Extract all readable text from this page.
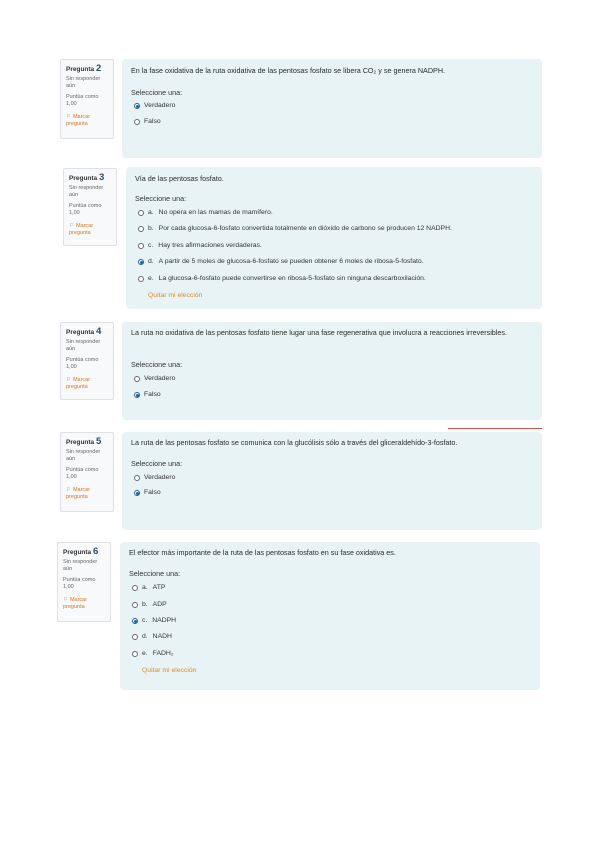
Pregunta 2
Sin responder aún
Puntúa como 1,00
⚐ Marcar pregunta
En la fase oxidativa de la ruta oxidativa de las pentosas fosfato se libera CO₂ y se genera NADPH.
Seleccione una:
Verdadero
Falso
Pregunta 3
Sin responder aún
Puntúa como 1,00
⚐ Marcar pregunta
Vía de las pentosas fosfato.
Seleccione una:
a. No opera en las mamas de mamífero.
b. Por cada glucosa-6-fosfato convertida totalmente en dióxido de carbono se producen 12 NADPH.
c. Hay tres afirmaciones verdaderas.
d. A partir de 5 moles de glucosa-6-fosfato se pueden obtener 6 moles de ribosa-5-fosfato.
e. La glucosa-6-fosfato puede convertirse en ribosa-5-fosfato sin ninguna descarboxilación.
Quitar mi elección
Pregunta 4
Sin responder aún
Puntúa como 1,00
⚐ Marcar pregunta
La ruta no oxidativa de las pentosas fosfato tiene lugar una fase regenerativa que involucra a reacciones irreversibles.
Seleccione una:
Verdadero
Falso
Pregunta 5
Sin responder aún
Puntúa como 1,00
⚐ Marcar pregunta
La ruta de las pentosas fosfato se comunica con la glucólisis sólo a través del gliceraldehído-3-fosfato.
Seleccione una:
Verdadero
Falso
Pregunta 6
Sin responder aún
Puntúa como 1,00
⚐ Marcar pregunta
El efector más importante de la ruta de las pentosas fosfato en su fase oxidativa es.
Seleccione una:
a. ATP
b. ADP
c. NADPH
d. NADH
e. FADH₂
Quitar mi elección
